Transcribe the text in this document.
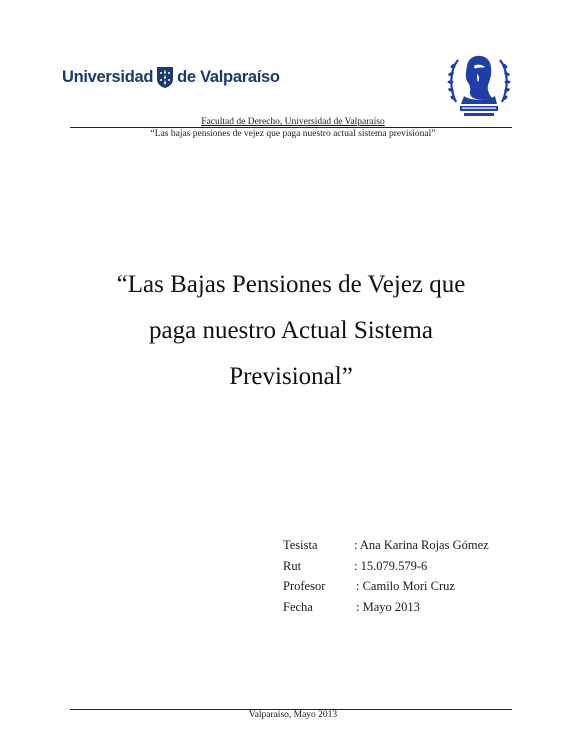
Universidad de Valparaíso
Facultad de Derecho, Universidad de Valparaíso
“Las bajas pensiones de vejez que paga nuestro actual sistema previsional”
“Las Bajas Pensiones de Vejez que
paga nuestro Actual Sistema
Previsional”
Tesista	: Ana Karina Rojas Gómez
Rut	: 15.079.579-6
Profesor : Camilo Mori Cruz
Fecha	: Mayo 2013
Valparaíso, Mayo 2013
